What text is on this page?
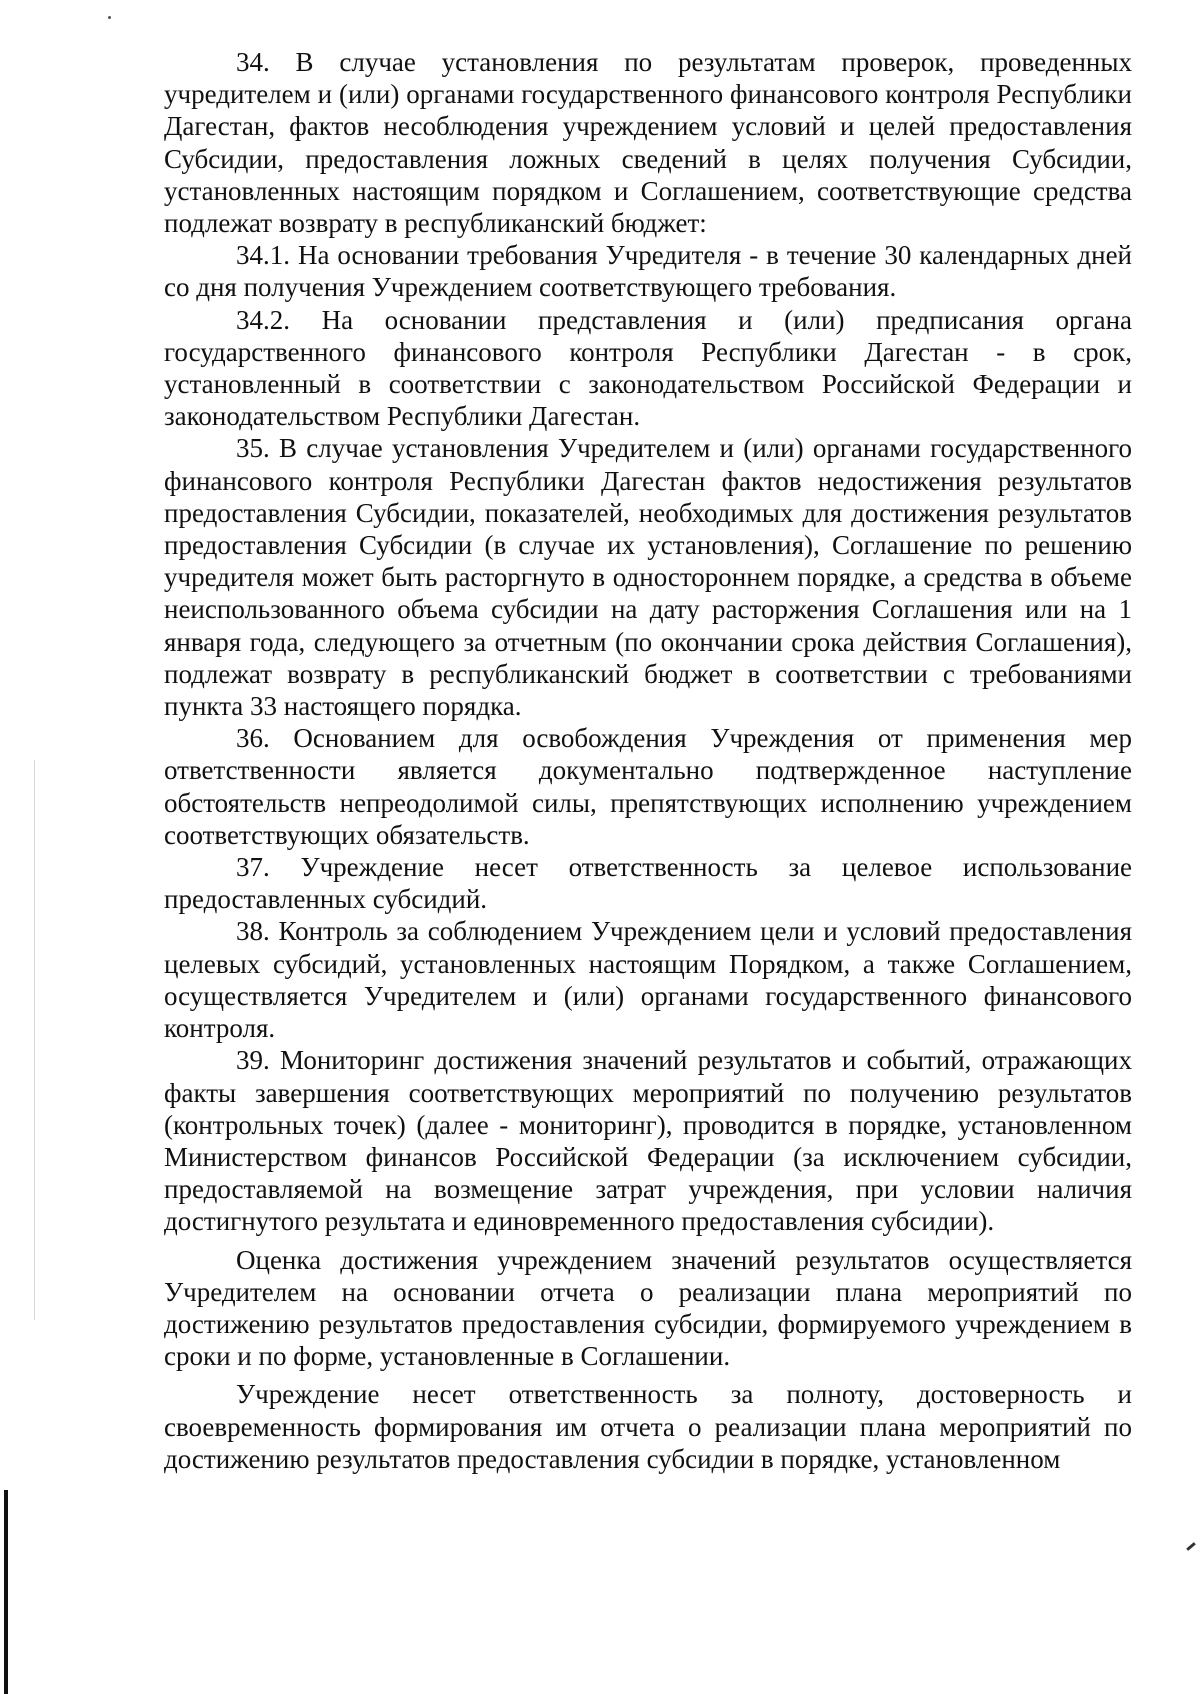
34. В случае установления по результатам проверок, проведенных учредителем и (или) органами государственного финансового контроля Республики Дагестан, фактов несоблюдения учреждением условий и целей предоставления Субсидии, предоставления ложных сведений в целях получения Субсидии, установленных настоящим порядком и Соглашением, соответствующие средства подлежат возврату в республиканский бюджет:

34.1. На основании требования Учредителя - в течение 30 календарных дней со дня получения Учреждением соответствующего требования.

34.2. На основании представления и (или) предписания органа государственного финансового контроля Республики Дагестан - в срок, установленный в соответствии с законодательством Российской Федерации и законодательством Республики Дагестан.

35. В случае установления Учредителем и (или) органами государственного финансового контроля Республики Дагестан фактов недостижения результатов предоставления Субсидии, показателей, необходимых для достижения результатов предоставления Субсидии (в случае их установления), Соглашение по решению учредителя может быть расторгнуто в одностороннем порядке, а средства в объеме неиспользованного объема субсидии на дату расторжения Соглашения или на 1 января года, следующего за отчетным (по окончании срока действия Соглашения), подлежат возврату в республиканский бюджет в соответствии с требованиями пункта 33 настоящего порядка.

36. Основанием для освобождения Учреждения от применения мер ответственности является документально подтвержденное наступление обстоятельств непреодолимой силы, препятствующих исполнению учреждением соответствующих обязательств.

37. Учреждение несет ответственность за целевое использование предоставленных субсидий.

38. Контроль за соблюдением Учреждением цели и условий предоставления целевых субсидий, установленных настоящим Порядком, а также Соглашением, осуществляется Учредителем и (или) органами государственного финансового контроля.

39. Мониторинг достижения значений результатов и событий, отражающих факты завершения соответствующих мероприятий по получению результатов (контрольных точек) (далее - мониторинг), проводится в порядке, установленном Министерством финансов Российской Федерации (за исключением субсидии, предоставляемой на возмещение затрат учреждения, при условии наличия достигнутого результата и единовременного предоставления субсидии).

Оценка достижения учреждением значений результатов осуществляется Учредителем на основании отчета о реализации плана мероприятий по достижению результатов предоставления субсидии, формируемого учреждением в сроки и по форме, установленные в Соглашении.

Учреждение несет ответственность за полноту, достоверность и своевременность формирования им отчета о реализации плана мероприятий по достижению результатов предоставления субсидии в порядке, установленном
